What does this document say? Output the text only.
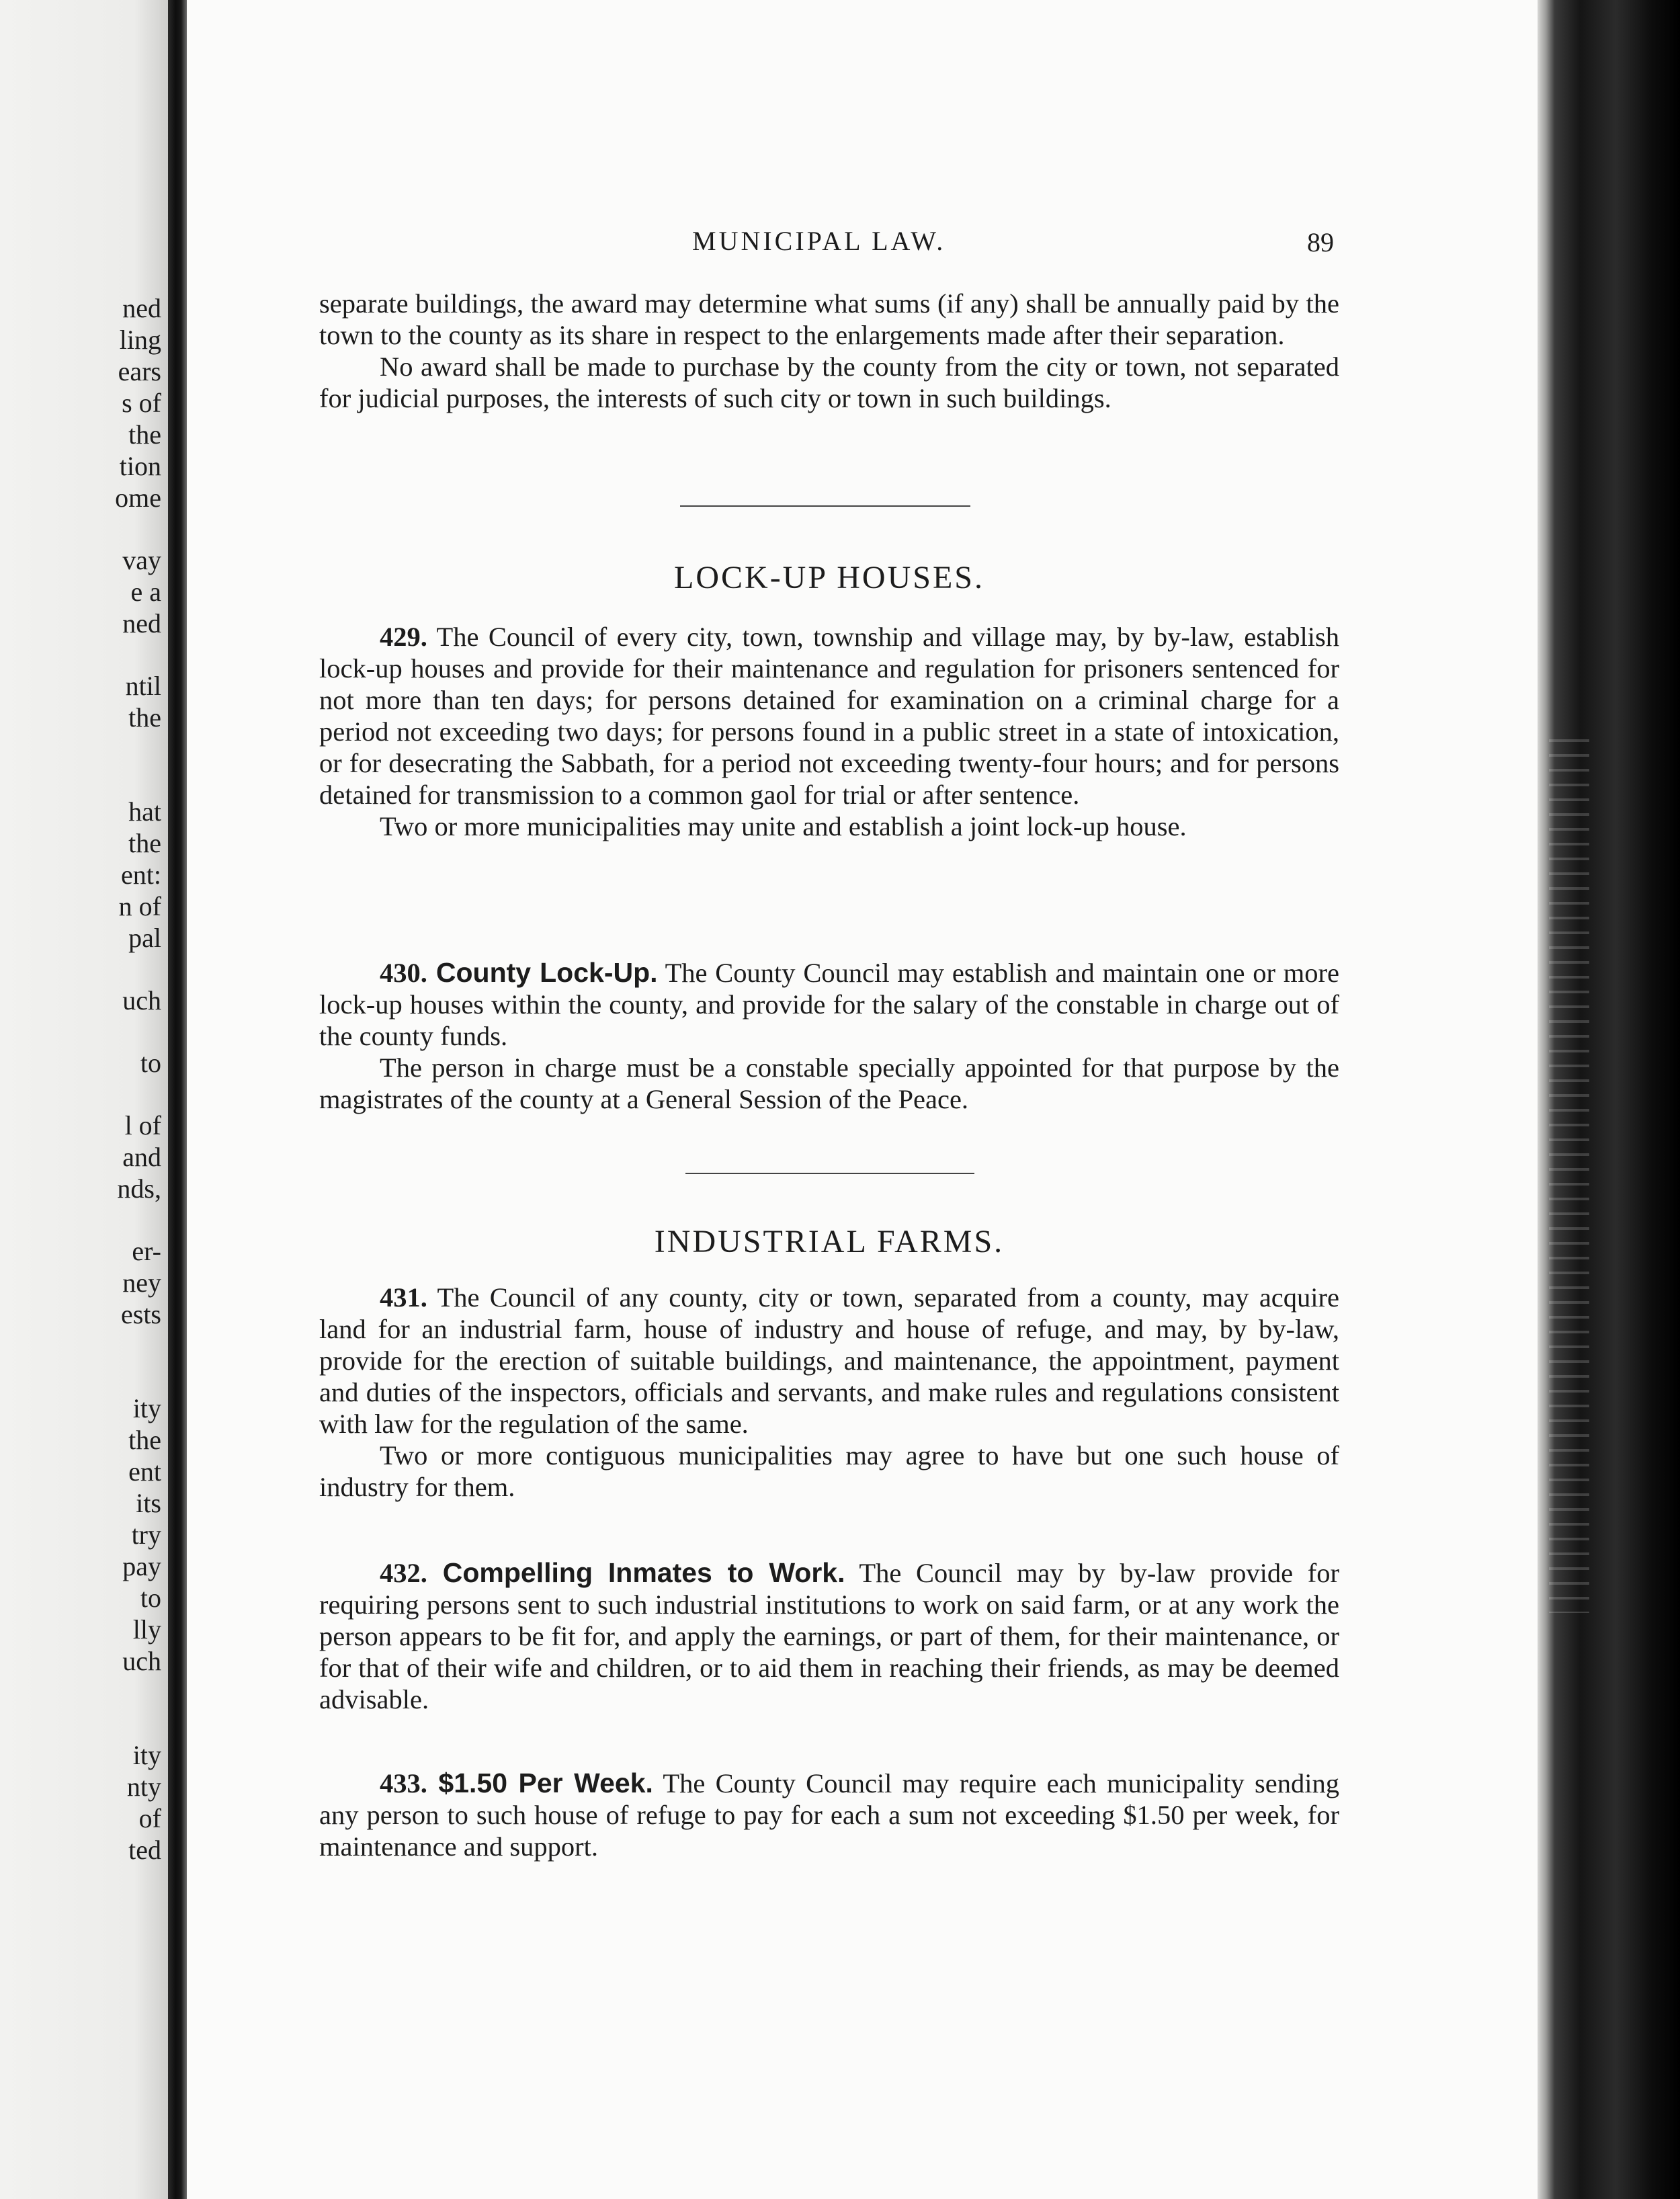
ned
ling
ears
s of
the
tion
ome
vay
e a
ned
ntil
the
hat
the
ent:
n of
pal
uch
to
l of
and
nds,
er-
ney
ests
ity
the
ent
its
try
pay
to
lly
uch
ity
nty
of
ted
MUNICIPAL LAW.	89

separate buildings, the award may determine what sums (if any) shall be annually paid by the town to the county as its share in respect to the enlargements made after their separation.

No award shall be made to purchase by the county from the city or town, not separated for judicial purposes, the interests of such city or town in such buildings.

LOCK-UP HOUSES.

429. The Council of every city, town, township and village may, by by-law, establish lock-up houses and provide for their maintenance and regulation for prisoners sentenced for not more than ten days; for persons detained for examination on a criminal charge for a period not exceeding two days; for persons found in a public street in a state of intoxication, or for desecrating the Sabbath, for a period not exceeding twenty-four hours; and for persons detained for transmission to a common gaol for trial or after sentence.

Two or more municipalities may unite and establish a joint lock-up house.

430. County Lock-Up. The County Council may establish and maintain one or more lock-up houses within the county, and provide for the salary of the constable in charge out of the county funds.

The person in charge must be a constable specially appointed for that purpose by the magistrates of the county at a General Session of the Peace.

INDUSTRIAL FARMS.

431. The Council of any county, city or town, separated from a county, may acquire land for an industrial farm, house of industry and house of refuge, and may, by by-law, provide for the erection of suitable buildings, and maintenance, the appointment, payment and duties of the inspectors, officials and servants, and make rules and regulations consistent with law for the regulation of the same.

Two or more contiguous municipalities may agree to have but one such house of industry for them.

432. Compelling Inmates to Work. The Council may by by-law provide for requiring persons sent to such industrial institutions to work on said farm, or at any work the person appears to be fit for, and apply the earnings, or part of them, for their maintenance, or for that of their wife and children, or to aid them in reaching their friends, as may be deemed advisable.

433. $1.50 Per Week. The County Council may require each municipality sending any person to such house of refuge to pay for each a sum not exceeding $1.50 per week, for maintenance and support.
